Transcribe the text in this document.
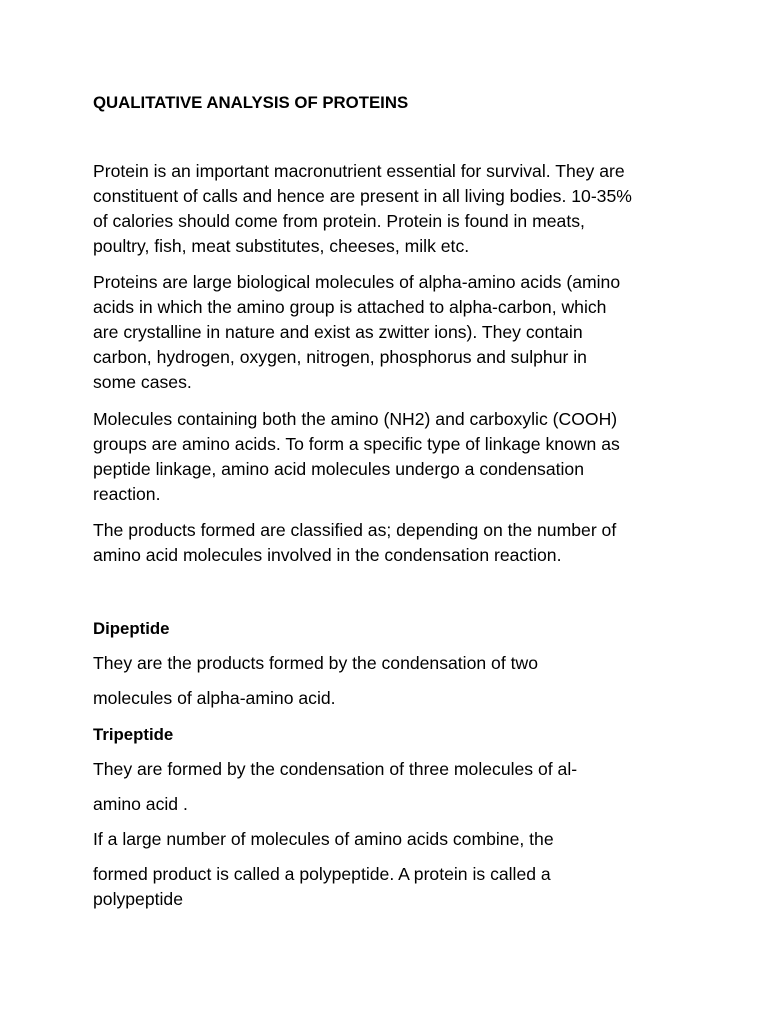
QUALITATIVE ANALYSIS OF PROTEINS
Protein is an important macronutrient essential for survival. They are
constituent of calls and hence are present in all living bodies. 10-35%
of calories should come from protein. Protein is found in meats,
poultry, fish, meat substitutes, cheeses, milk etc.
Proteins are large biological molecules of alpha-amino acids (amino
acids in which the amino group is attached to alpha-carbon, which
are crystalline in nature and exist as zwitter ions). They contain
carbon, hydrogen, oxygen, nitrogen, phosphorus and sulphur in
some cases.
Molecules containing both the amino (NH2) and carboxylic (COOH)
groups are amino acids. To form a specific type of linkage known as
peptide linkage, amino acid molecules undergo a condensation
reaction.
The products formed are classified as; depending on the number of
amino acid molecules involved in the condensation reaction.
Dipeptide
They are the products formed by the condensation of two
molecules of alpha-amino acid.
Tripeptide
They are formed by the condensation of three molecules of al-
amino acid .
If a large number of molecules of amino acids combine, the
formed product is called a polypeptide. A protein is called a
polypeptide
